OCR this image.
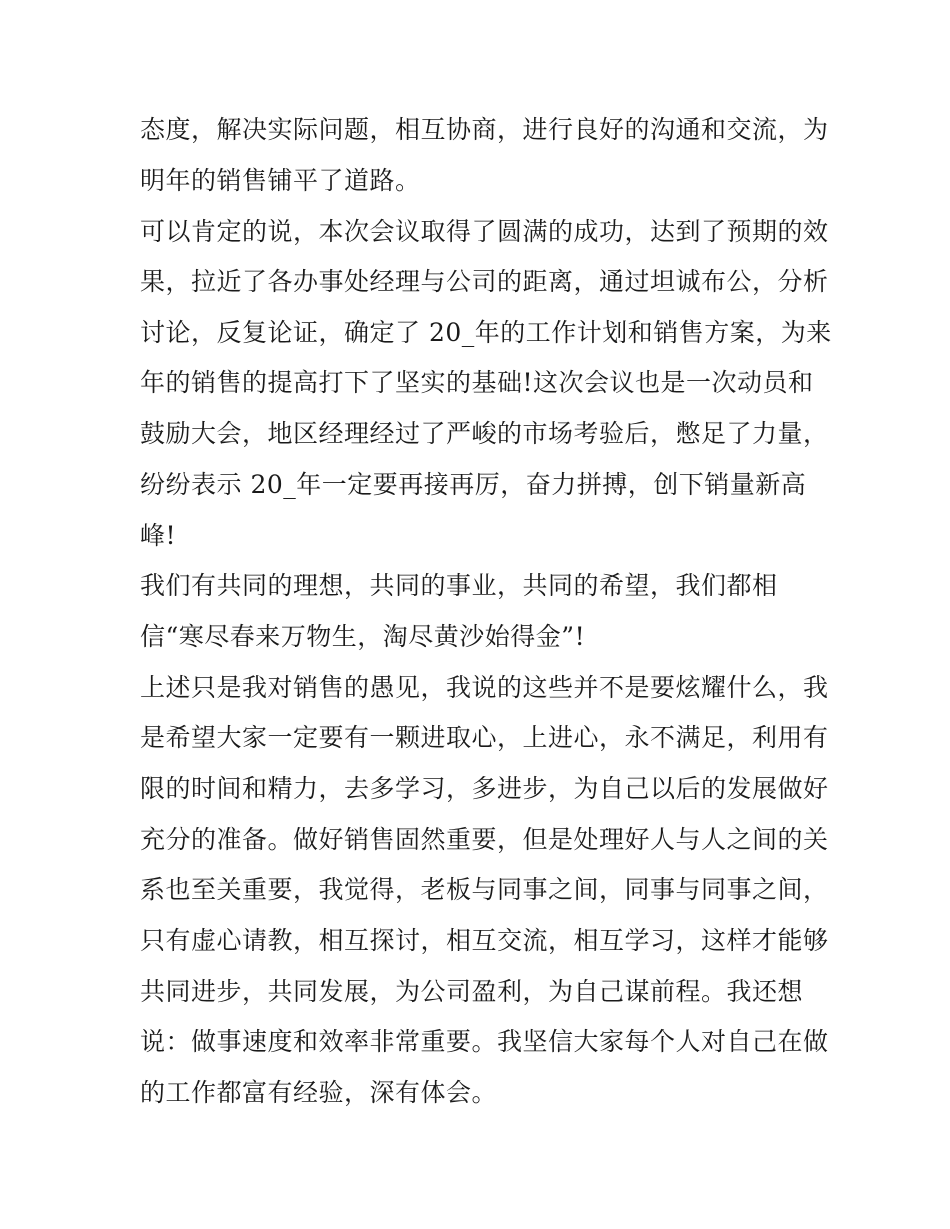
态度，解决实际问题，相互协商，进行良好的沟通和交流，为
明年的销售铺平了道路。
可以肯定的说，本次会议取得了圆满的成功，达到了预期的效
果，拉近了各办事处经理与公司的距离，通过坦诚布公，分析
讨论，反复论证，确定了 20_年的工作计划和销售方案，为来
年的销售的提高打下了坚实的基础!这次会议也是一次动员和
鼓励大会，地区经理经过了严峻的市场考验后，憋足了力量，
纷纷表示 20_年一定要再接再厉，奋力拼搏，创下销量新高
峰!
我们有共同的理想，共同的事业，共同的希望，我们都相
信“寒尽春来万物生，淘尽黄沙始得金”!
上述只是我对销售的愚见，我说的这些并不是要炫耀什么，我
是希望大家一定要有一颗进取心，上进心，永不满足，利用有
限的时间和精力，去多学习，多进步，为自己以后的发展做好
充分的准备。做好销售固然重要，但是处理好人与人之间的关
系也至关重要，我觉得，老板与同事之间，同事与同事之间，
只有虚心请教，相互探讨，相互交流，相互学习，这样才能够
共同进步，共同发展，为公司盈利，为自己谋前程。我还想
说：做事速度和效率非常重要。我坚信大家每个人对自己在做
的工作都富有经验，深有体会。
